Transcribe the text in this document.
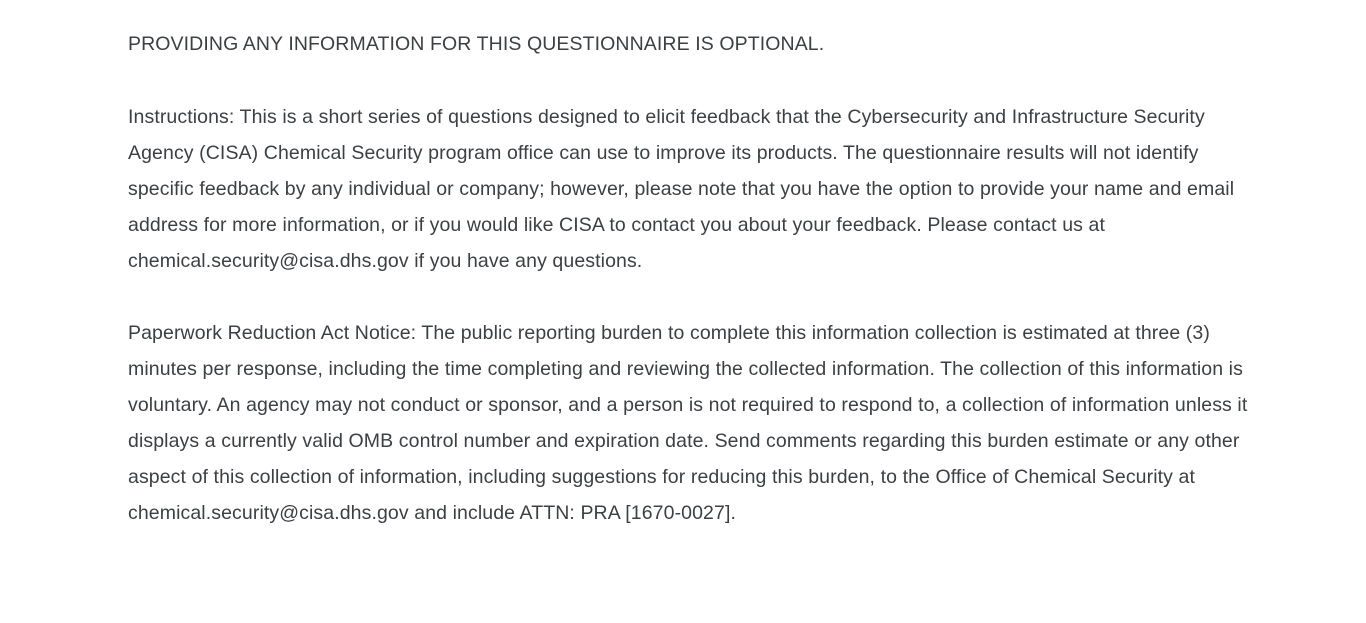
PROVIDING ANY INFORMATION FOR THIS QUESTIONNAIRE IS OPTIONAL.

Instructions: This is a short series of questions designed to elicit feedback that the Cybersecurity and Infrastructure Security Agency (CISA) Chemical Security program office can use to improve its products. The questionnaire results will not identify specific feedback by any individual or company; however, please note that you have the option to provide your name and email address for more information, or if you would like CISA to contact you about your feedback. Please contact us at chemical.security@cisa.dhs.gov if you have any questions.

Paperwork Reduction Act Notice: The public reporting burden to complete this information collection is estimated at three (3) minutes per response, including the time completing and reviewing the collected information. The collection of this information is voluntary. An agency may not conduct or sponsor, and a person is not required to respond to, a collection of information unless it displays a currently valid OMB control number and expiration date. Send comments regarding this burden estimate or any other aspect of this collection of information, including suggestions for reducing this burden, to the Office of Chemical Security at chemical.security@cisa.dhs.gov and include ATTN: PRA [1670-0027].
